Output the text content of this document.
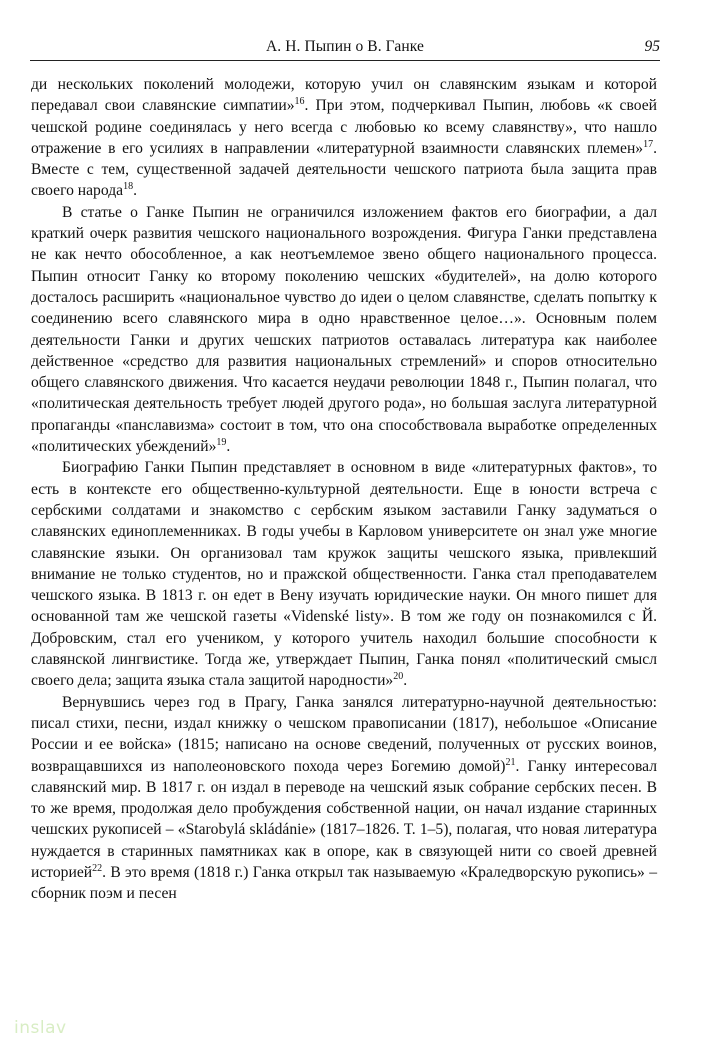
А. Н. Пыпин о В. Ганке	95

ди нескольких поколений молодежи, которую учил он славянским языкам и которой передавал свои славянские симпатии»$^{16}$. При этом, подчеркивал Пыпин, любовь «к своей чешской родине соединялась у него всегда с любовью ко всему славянству», что нашло отражение в его усилиях в направлении «литературной взаимности славянских племен»$^{17}$. Вместе с тем, существенной задачей деятельности чешского патриота была защита прав своего народа$^{18}$.

В статье о Ганке Пыпин не ограничился изложением фактов его биографии, а дал краткий очерк развития чешского национального возрождения. Фигура Ганки представлена не как нечто обособленное, а как неотъемлемое звено общего национального процесса. Пыпин относит Ганку ко второму поколению чешских «будителей», на долю которого досталось расширить «национальное чувство до идеи о целом славянстве, сделать попытку к соединению всего славянского мира в одно нравственное целое…». Основным полем деятельности Ганки и других чешских патриотов оставалась литература как наиболее действенное «средство для развития национальных стремлений» и споров относительно общего славянского движения. Что касается неудачи революции 1848 г., Пыпин полагал, что «политическая деятельность требует людей другого рода», но большая заслуга литературной пропаганды «панславизма» состоит в том, что она способствовала выработке определенных «политических убеждений»$^{19}$.

Биографию Ганки Пыпин представляет в основном в виде «литературных фактов», то есть в контексте его общественно-культурной деятельности. Еще в юности встреча с сербскими солдатами и знакомство с сербским языком заставили Ганку задуматься о славянских единоплеменниках. В годы учебы в Карловом университете он знал уже многие славянские языки. Он организовал там кружок защиты чешского языка, привлекший внимание не только студентов, но и пражской общественности. Ганка стал преподавателем чешского языка. В 1813 г. он едет в Вену изучать юридические науки. Он много пишет для основанной там же чешской газеты «Videnské listy». В том же году он познакомился с Й. Добровским, стал его учеником, у которого учитель находил большие способности к славянской лингвистике. Тогда же, утверждает Пыпин, Ганка понял «политический смысл своего дела; защита языка стала защитой народности»$^{20}$.

Вернувшись через год в Прагу, Ганка занялся литературно-научной деятельностью: писал стихи, песни, издал книжку о чешском правописании (1817), небольшое «Описание России и ее войска» (1815; написано на основе сведений, полученных от русских воинов, возвращавшихся из наполеоновского похода через Богемию домой)$^{21}$. Ганку интересовал славянский мир. В 1817 г. он издал в переводе на чешский язык собрание сербских песен. В то же время, продолжая дело пробуждения собственной нации, он начал издание старинных чешских рукописей – «Starobylá skládánie» (1817–1826. Т. 1–5), полагая, что новая литература нуждается в старинных памятниках как в опоре, как в связующей нити со своей древней историей$^{22}$. В это время (1818 г.) Ганка открыл так называемую «Краледворскую рукопись» – сборник поэм и песен

inslav
